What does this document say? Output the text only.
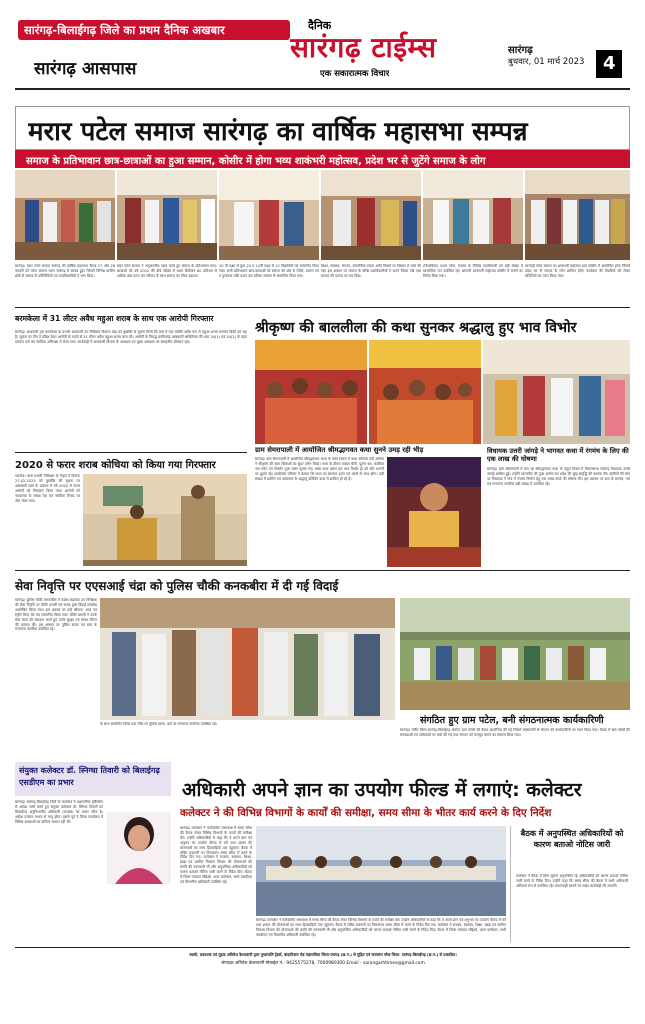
सारंगढ़-बिलाईगढ़ जिले का प्रथम दैनिक अखबार
सारंगढ़ आसपास
दैनिक
सारंगढ़ टाईम्स
एक सकारात्मक विचार
सारंगढ़
बुधवार, 01 मार्च 2023 4
मरार पटेल समाज सारंगढ़ का वार्षिक महासभा सम्पन्न
समाज के प्रतिभावान छात्र-छात्राओं का हुआ सम्मान, कोसीर में होगा भव्य शाकंभरी महोत्सव, प्रदेश भर से जुटेंगे समाज के लोग
सारंगढ़। मरार पटेल समाज सारंगढ़ की वार्षिक महासभा बैठक 27 और 28 फरवरी को पटेल समाज भवन सारंगढ़ में सम्पन्न हुई। जिसमें विभिन्न ग्रामीण क्षेत्रों से समाज के प्रतिनिधियों एवं पदाधिकारियों ने भाग लिया।
सहर पटेल समाज ने अनुकरणीय पहल करते हुए समाज के प्रतिभावान छात्र-छात्राओं को वर्ष 2022 की बोर्ड परीक्षा में प्रथम डिवीजन 60 प्रतिशत से अधिक अंक प्राप्त कर परिवार के साथ समाज का गौरव बढ़ाया।
10 वीं कक्षा से कुल 20 व 12वीं कक्षा से 12 विद्यार्थियों को सम्मानित किया गया। सभी प्रतिभावान छात्र-छात्राओं को समाज की ओर से मेमेंटो, प्रमाण पत्र व पुरस्कार राशि प्रदान कर प्रतिभा सम्मान से सम्मानित किया गया।
शिक्षा, स्वास्थ्य, संगठन, सामाजिक एकता आदि विषयों पर विस्तार से चर्चा की गई। इस अवसर पर समाज के वरिष्ठ पदाधिकारियों ने अपने विचार रखे तथा समाज की एकता पर बल दिया।
(विधायिका) प्रथम पटेल, समाज के विभिन्न पदाधिकारी एवं बड़ी संख्या में सामाजिक जन उपस्थित रहे। आगामी शाकंभरी महोत्सव कोसीर में मनाने का निर्णय लिया गया।
सारंगढ़ी पटेल समाज का शाकंभरी महोत्सव ग्राम कोसीर में आयोजित होगा जिसमें प्रदेश भर से समाज के लोग शामिल होंगे। कार्यक्रम की तैयारियों को लेकर समितियों का गठन किया गया।
बरमकेला में 31 लीटर अवैध महुआ शराब के साथ एक आरोपी गिरफ्तार
सारंगढ़। आबकारी वृत्त बरमकेला के प्रभारी आबकारी उप निरीक्षक विकास चंद्रा को मुखबिर से सूचना मिली कि ग्राम में एक व्यक्ति अवैध रूप से महुआ शराब बनाकर बिक्री कर रहा है। सूचना पर टीम ने दबिश देकर आरोपी के कब्जे से 31 लीटर अवैध महुआ शराब जप्त की। आरोपी के विरुद्ध छत्तीसगढ़ आबकारी अधिनियम की धारा 34(1) एवं 34(2) के तहत प्रकरण दर्ज कर न्यायिक अभिरक्षा में भेजा गया। कार्यवाही में आबकारी विभाग के आरक्षक एवं मुख्य आरक्षक का सराहनीय योगदान रहा।
2020 से फरार शराब कोचिया को किया गया गिरफ्तार
भटगांव। थाना प्रभारी निरीक्षक के नेतृत्व में दिनांक 27.02.2023 को मुखबिर की सूचना पर आबकारी एक्ट के प्रकरण में वर्ष 2020 से फरार आरोपी को गिरफ्तार किया गया। आरोपी को न्यायालय के समक्ष पेश कर न्यायिक रिमांड पर जेल भेजा गया।
श्रीकृष्ण की बाललीला की कथा सुनकर श्रद्धालु हुए भाव विभोर
ग्राम सेमरापाली में आयोजित श्रीमद्भागवत कथा सुनने उमड़ रही भीड़
सारंगढ़। ग्राम सेमरापाली में आयोजित श्रीमद्भागवत कथा के पंचम दिवस में कथा वाचिका देवी अनिता ने श्रीकृष्ण की बाल लीलाओं का सुंदर वर्णन किया। कथा के दौरान माखन चोरी, पूतना वध, कालिया नाग मर्दन एवं गोवर्धन पूजा प्रसंग सुनाए गए। भक्त कथा श्रवण कर भाव विभोर हो उठे और भजनों पर झूमते रहे। आयोजक परिवार ने बताया कि कथा का समापन हवन एवं भंडारे के साथ होगा। बड़ी संख्या में ग्रामीण एवं आसपास के श्रद्धालु प्रतिदिन कथा में शामिल हो रहे हैं।
विधायक उत्तरी जांगड़े ने भागवत कथा में रंगमंच के लिए की एक लाख की घोषणा
सारंगढ़। ग्राम सेमरापाली में चल रहे श्रीमद्भागवत कथा के चतुर्थ दिवस में विधानसभा सारंगढ़ विधायक उत्तरी जांगड़े शामिल हुईं। उन्होंने व्यासपीठ की पूजा अर्चना कर प्रदेश की सुख समृद्धि की कामना की। ग्रामीणों की मांग पर विधायक ने गांव में रंगमंच निर्माण हेतु एक लाख रुपये की घोषणा की। इस अवसर पर ग्राम के सरपंच, पंच एवं गणमान्य नागरिक बड़ी संख्या में उपस्थित रहे।
सेवा निवृत्ति पर एएसआई चंद्रा को पुलिस चौकी कनकबीरा में दी गई विदाई
सारंगढ़। पुलिस चौकी कनकबीरा में पदस्थ सहायक उप निरीक्षक की सेवा निवृत्ति पर चौकी प्रभारी एवं स्टाफ द्वारा विदाई समारोह आयोजित किया गया। इस अवसर पर उन्हें श्रीफल, शाल एवं स्मृति चिन्ह भेंट कर सम्मानित किया गया। चौकी प्रभारी ने उनके सेवा काल की सराहना करते हुए उनके सुखद एवं स्वस्थ जीवन की कामना की। इस अवसर पर पुलिस स्टाफ एवं ग्राम के गणमान्य नागरिक उपस्थित रहे।
के साथ सम्मानित किया गया मौके पर पुलिस स्टाफ, ग्राम के गणमान्य नागरिक उपस्थित रहे।	संगठित हुए ग्राम पटेल, बनी संगठनात्मक कार्यकारिणी
सारंगढ़। नवीन जिला सारंगढ़-बिलाईगढ़ अंतर्गत ग्राम पटेलों की बैठक आयोजित की गई जिसमें सर्वसम्मति से संगठन की कार्यकारिणी का गठन किया गया। बैठक में ग्राम पटेलों की समस्याओं एवं अधिकारों पर चर्चा की गई तथा संगठन को मजबूत बनाने का संकल्प लिया गया।
संयुक्त कलेक्टर डॉ. स्निग्धा तिवारी को बिलाईगढ़ एसडीएम का प्रभार
सारंगढ़। सारंगढ़-बिलाईगढ़ जिले के कलेक्टर ने प्रशासनिक दृष्टिकोण से आदेश जारी करते हुए संयुक्त कलेक्टर डॉ. स्निग्धा तिवारी को बिलाईगढ़ अनुविभागीय अधिकारी (राजस्व) का प्रभार सौंपा है। आदेश तत्काल प्रभाव से लागू होगा। इससे पूर्व वे जिला कार्यालय में विभिन्न शाखाओं का दायित्व संभाल रही थीं।
अधिकारी अपने ज्ञान का उपयोग फील्ड में लगाएं: कलेक्टर
कलेक्टर ने की विभिन्न विभागों के कार्यों की समीक्षा, समय सीमा के भीतर कार्य करने के दिए निर्देश
सारंगढ़। कलेक्टर ने कलेक्टोरेट सभाकक्ष में समय सीमा की बैठक लेकर विभिन्न विभागों के कार्यों की समीक्षा की। उन्होंने अधिकारियों से कहा कि वे अपने ज्ञान एवं अनुभव का उपयोग फील्ड में करें तथा शासन की योजनाओं का लाभ हितग्राहियों तक पहुंचाएं। बैठक में लंबित प्रकरणों का निराकरण समय सीमा में करने के निर्देश दिए गए। कलेक्टर ने राजस्व, स्वास्थ्य, शिक्षा, खाद्य एवं ग्रामीण विकास विभाग की योजनाओं की प्रगति की जानकारी ली और अनुपस्थित अधिकारियों को कारण बताओ नोटिस जारी करने के निर्देश दिए। बैठक में जिला पंचायत सीईओ, अपर कलेक्टर, सभी एसडीएम एवं विभागीय अधिकारी उपस्थित रहे।
सारंगढ़। कलेक्टर ने कलेक्टोरेट सभाकक्ष में समय सीमा की बैठक लेकर विभिन्न विभागों के कार्यों की समीक्षा की। उन्होंने अधिकारियों से कहा कि वे अपने ज्ञान एवं अनुभव का उपयोग फील्ड में करें तथा शासन की योजनाओं का लाभ हितग्राहियों तक पहुंचाएं। बैठक में लंबित प्रकरणों का निराकरण समय सीमा में करने के निर्देश दिए गए। कलेक्टर ने राजस्व, स्वास्थ्य, शिक्षा, खाद्य एवं ग्रामीण विकास विभाग की योजनाओं की प्रगति की जानकारी ली और अनुपस्थित अधिकारियों को कारण बताओ नोटिस जारी करने के निर्देश दिए। बैठक में जिला पंचायत सीईओ, अपर कलेक्टर, सभी एसडीएम एवं विभागीय अधिकारी उपस्थित रहे।
बैठक में अनुपस्थित अधिकारियों को कारण बताओ नोटिस जारी
कलेक्टर ने बैठक में बिना सूचना अनुपस्थित रहे अधिकारियों को कारण बताओ नोटिस जारी करने के निर्देश दिए। उन्होंने कहा कि समय सीमा की बैठक में सभी अधिकारी अनिवार्य रूप से उपस्थित रहें। लापरवाही बरतने पर सख्त कार्यवाही की जाएगी।
स्वामी, प्रकाशक एवं मुद्रक अमितेश केशरवानी द्वारा पुष्पांजलि ट्रेडर्स, बांदाटिकरा रोड महासमिया जिला-रायगढ़ (छ.ग.) से मुद्रित एवं जयस्तंभ चौक जिला- सारंगढ़-बिलाईगढ़ (छ.ग.) से प्रकाशित।
संपादक अमितेश केशरवानी मोबाईल नं.- 9425575278, 7000980300 Email - sarangarhtimes@gmail.com
